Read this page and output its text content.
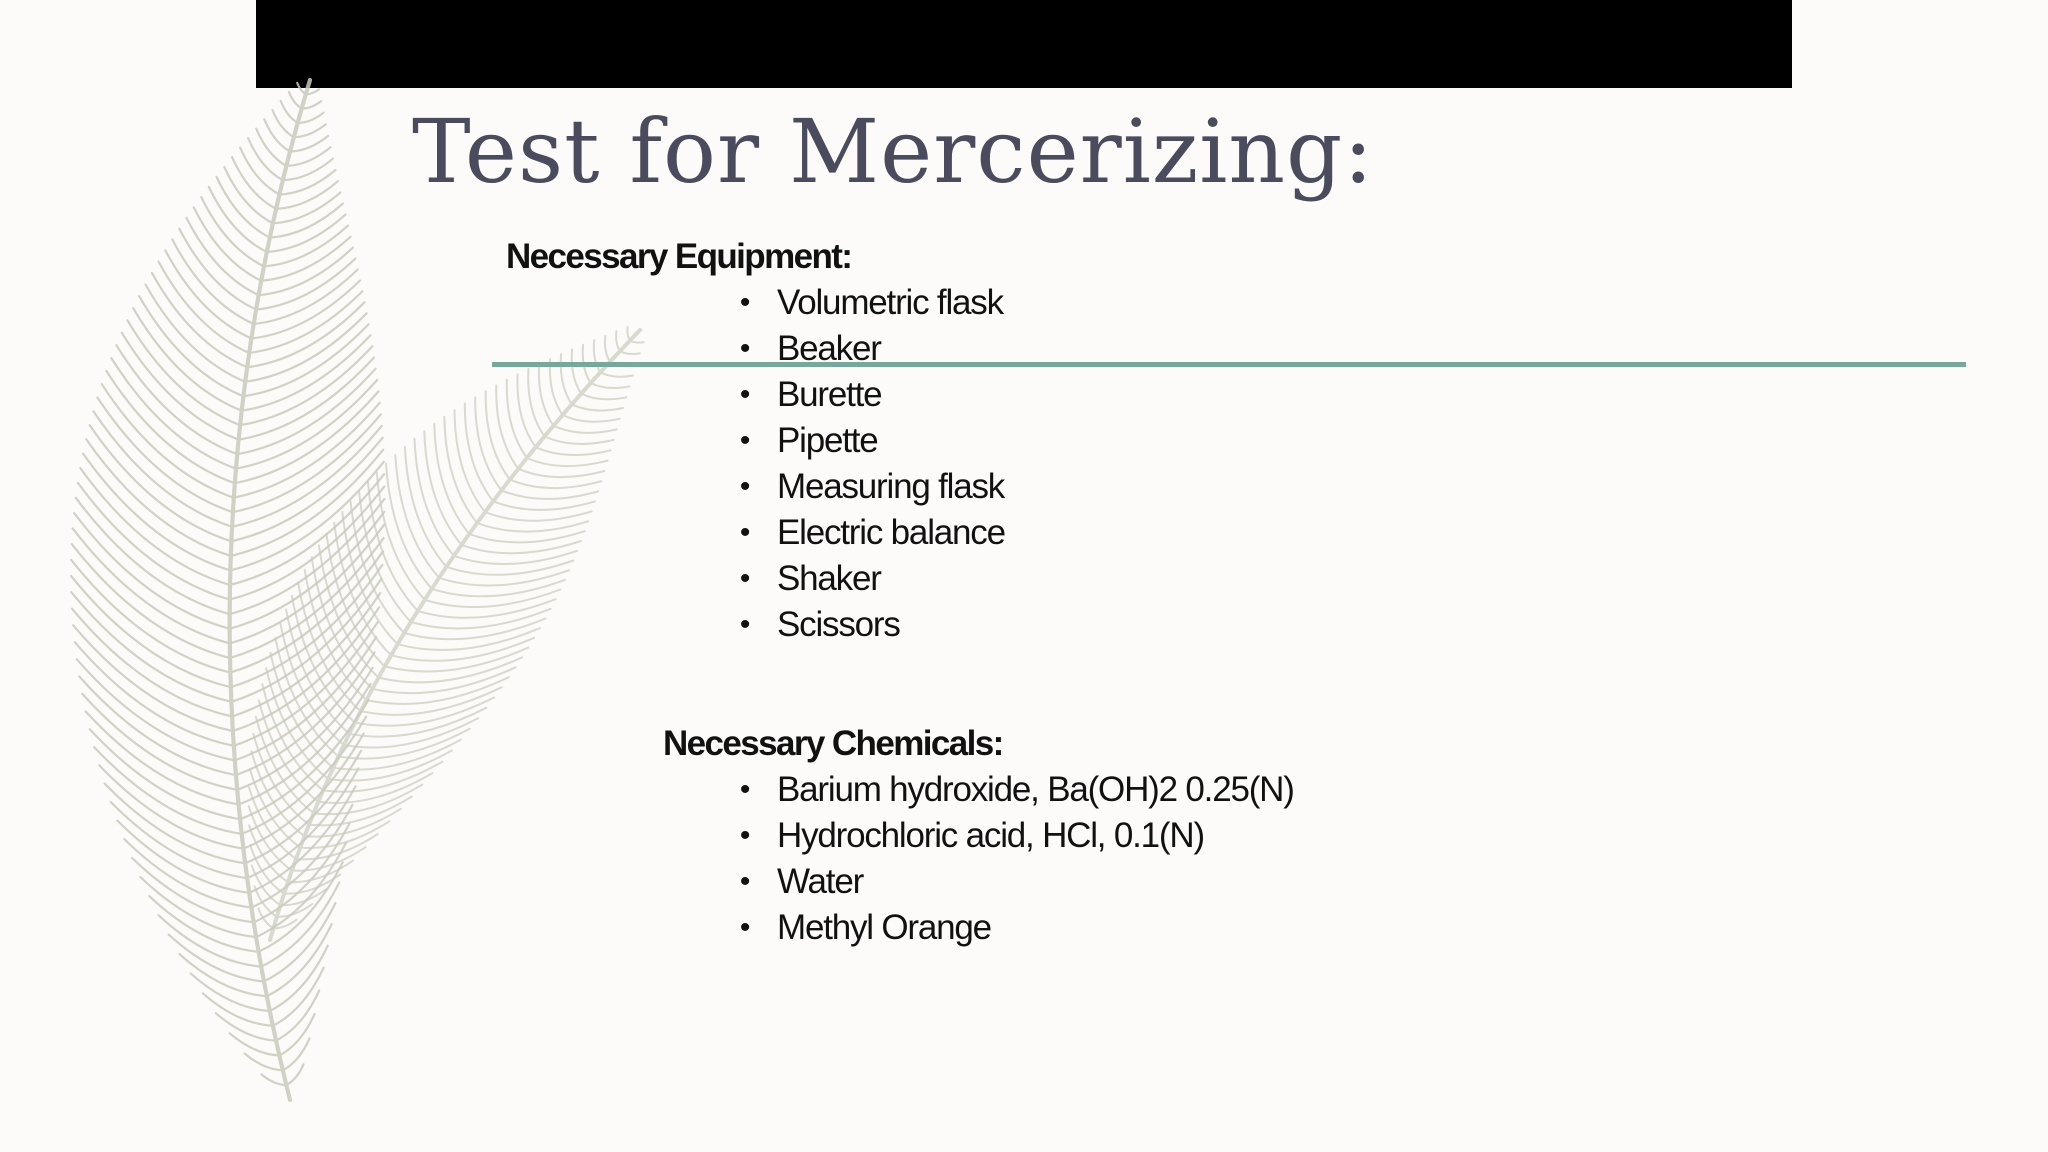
Test for Mercerizing:
Necessary Equipment:
• Volumetric flask
• Beaker
• Burette
• Pipette
• Measuring flask
• Electric balance
• Shaker
• Scissors
Necessary Chemicals:
• Barium hydroxide, Ba(OH)2 0.25(N)
• Hydrochloric acid, HCl, 0.1(N)
• Water
• Methyl Orange
